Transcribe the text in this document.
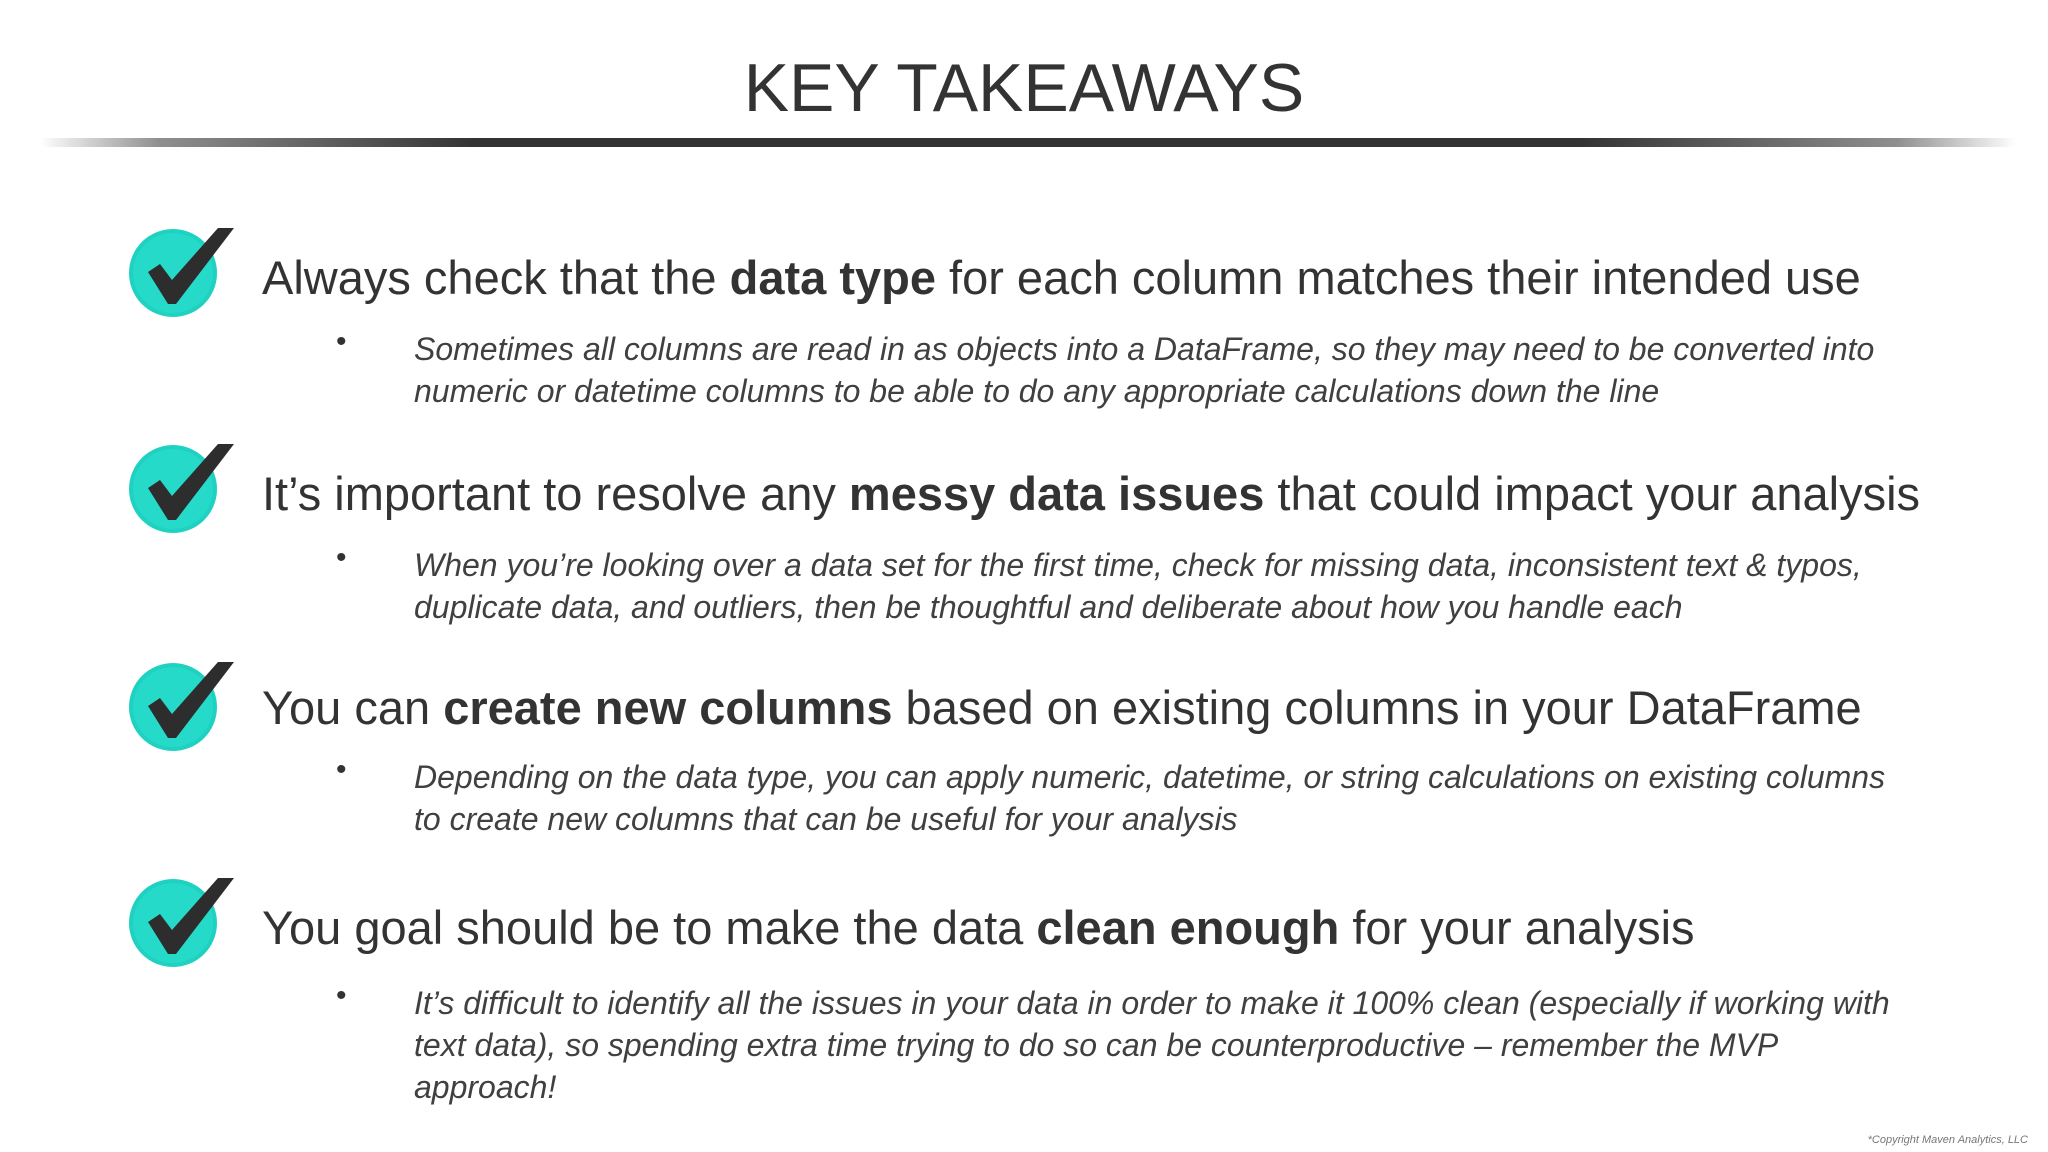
KEY TAKEAWAYS
Always check that the data type for each column matches their intended use
• Sometimes all columns are read in as objects into a DataFrame, so they may need to be converted into numeric or datetime columns to be able to do any appropriate calculations down the line
It’s important to resolve any messy data issues that could impact your analysis
• When you’re looking over a data set for the first time, check for missing data, inconsistent text & typos, duplicate data, and outliers, then be thoughtful and deliberate about how you handle each
You can create new columns based on existing columns in your DataFrame
• Depending on the data type, you can apply numeric, datetime, or string calculations on existing columns to create new columns that can be useful for your analysis
You goal should be to make the data clean enough for your analysis
• It’s difficult to identify all the issues in your data in order to make it 100% clean (especially if working with text data), so spending extra time trying to do so can be counterproductive – remember the MVP approach!
*Copyright Maven Analytics, LLC
